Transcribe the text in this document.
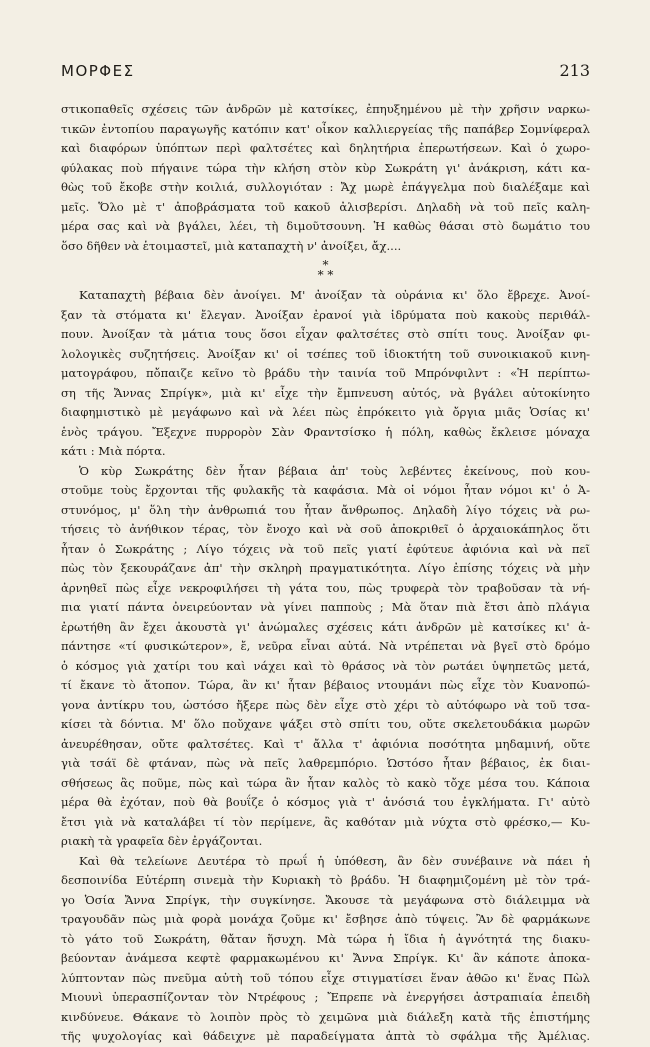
ΜΟΡΦΕΣ	213
στικοπαθεῖς σχέσεις τῶν ἀνδρῶν μὲ κατσίκες, ἐπηυξημένου μὲ τὴν χρῆσιν ναρκω-
τικῶν ἐντοπίου παραγωγῆς κατόπιν κατ' οἶκον καλλιεργείας τῆς παπάβερ Σομνίφεραλ
καὶ διαφόρων ὑπόπτων περὶ φαλτσέτες καὶ δηλητήρια ἐπερωτήσεων. Καὶ ὁ χωρο-
φύλακας ποὺ πήγαινε τώρα τὴν κλήση στὸν κὺρ Σωκράτη γι' ἀνάκριση, κάτι κα-
θὼς τοῦ ἔκοβε στὴν κοιλιά, συλλογιόταν : Ἄχ μωρὲ ἐπάγγελμα ποὺ διαλέξαμε καὶ
μεῖς. Ὅλο μὲ τ' ἀποβράσματα τοῦ κακοῦ ἀλισβερίσι. Δηλαδὴ νὰ τοῦ πεῖς καλη-
μέρα σας καὶ νὰ βγάλει, λέει, τὴ διμοῦτσουνη. Ἡ καθὼς θάσαι στὸ δωμάτιο του
ὅσο δῆθεν νὰ ἑτοιμαστεῖ, μιὰ καταπαχτὴ ν' ἀνοίξει, ἄχ....
*
* *
Καταπαχτὴ βέβαια δὲν ἀνοίγει. Μ' ἀνοίξαν τὰ οὐράνια κι' ὅλο ἔβρεχε. Ἀνοί-
ξαν τὰ στόματα κι' ἔλεγαν. Ἀνοίξαν ἐρανοί γιὰ ἱδρύματα ποὺ κακοὺς περιθάλ-
πουν. Ἀνοίξαν τὰ μάτια τους ὅσοι εἶχαν φαλτσέτες στὸ σπίτι τους. Ἀνοίξαν φι-
λολογικὲς συζητήσεις. Ἀνοίξαν κι' οἱ τσέπες τοῦ ἰδιοκτήτη τοῦ συνοικιακοῦ κινη-
ματογράφου, πὄπαιζε κεῖνο τὸ βράδυ τὴν ταινία τοῦ Μπρόνφιλντ : «Ἡ περίπτω-
ση τῆς Ἄννας Σπρίγκ», μιὰ κι' εἶχε τὴν ἔμπνευση αὐτός, νὰ βγάλει αὐτοκίνητο
διαφημιστικὸ μὲ μεγάφωνο καὶ νὰ λέει πὼς ἐπρόκειτο γιὰ ὄργια μιᾶς Ὁσίας κι'
ἑνὸς τράγου. Ἔξεχνε πυρρορὸν Σὰν Φραντσίσκο ἡ πόλη, καθὼς ἔκλεισε μόναχα
κάτι : Μιὰ πόρτα.
Ὁ κὺρ Σωκράτης δὲν ἦταν βέβαια ἀπ' τοὺς λεβέντες ἐκείνους, ποὺ κου-
στοῦμε τοὺς ἔρχονται τῆς φυλακῆς τὰ καφάσια. Μὰ οἱ νόμοι ἦταν νόμοι κι' ὁ Ἀ-
στυνόμος, μ' ὅλη τὴν ἀνθρωπιά του ἦταν ἄνθρωπος. Δηλαδὴ λίγο τόχεις νὰ ρω-
τήσεις τὸ ἀνήθικον τέρας, τὸν ἔνοχο καὶ νὰ σοῦ ἀποκριθεῖ ὁ ἀρχαιοκάπηλος ὅτι
ἦταν ὁ Σωκράτης ; Λίγο τόχεις νὰ τοῦ πεῖς γιατί ἐφύτευε ἀφιόνια καὶ νὰ πεῖ
πὼς τὸν ξεκουράζανε ἀπ' τὴν σκληρὴ πραγματικότητα. Λίγο ἐπίσης τόχεις νὰ μὴν
ἀρνηθεῖ πὼς εἶχε νεκροφιλήσει τὴ γάτα του, πὼς τρυφερὰ τὸν τραβοῦσαν τὰ νή-
πια γιατί πάντα ὀνειρεύονταν νὰ γίνει παπποὺς ; Μὰ ὅταν πιὰ ἔτσι ἀπὸ πλάγια
ἐρωτήθη ἂν ἔχει ἀκουστὰ γι' ἀνώμαλες σχέσεις κάτι ἀνδρῶν μὲ κατσίκες κι' ἀ-
πάντησε «τί φυσικώτερον», ἔ, νεῦρα εἶναι αὐτά. Νὰ ντρέπεται νὰ βγεῖ στὸ δρόμο
ὁ κόσμος γιὰ χατίρι του καὶ νάχει καὶ τὸ θράσος νὰ τὸν ρωτάει ὑψηπετῶς μετά,
τί ἔκανε τὸ ἄτοπον. Τώρα, ἂν κι' ἦταν βέβαιος ντουμάνι πὼς εἶχε τὸν Κυανοπώ-
γονα ἀντίκρυ του, ὡστόσο ἤξερε πὼς δὲν εἶχε στὸ χέρι τὸ αὐτόφωρο νὰ τοῦ τσα-
κίσει τὰ δόντια. Μ' ὅλο ποὔχανε ψάξει στὸ σπίτι του, οὔτε σκελετουδάκια μωρῶν
ἀνευρέθησαν, οὔτε φαλτσέτες. Καὶ τ' ἄλλα τ' ἀφιόνια ποσότητα μηδαμινή, οὔτε
γιὰ τσάϊ δὲ φτάναν, πὼς νὰ πεῖς λαθρεμπόριο. Ὡστόσο ἦταν βέβαιος, ἐκ διαι-
σθήσεως ἂς ποῦμε, πὼς καὶ τώρα ἂν ἦταν καλὸς τὸ κακὸ τὄχε μέσα του. Κάποια
μέρα θὰ ἐχόταν, ποὺ θὰ βουΐζε ὁ κόσμος γιὰ τ' ἀνόσιά του ἐγκλήματα. Γι' αὐτὸ
ἔτσι γιὰ νὰ καταλάβει τί τὸν περίμενε, ἂς καθόταν μιὰ νύχτα στὸ φρέσκο,— Κυ-
ριακὴ τὰ γραφεῖα δὲν ἐργάζονται.
Καὶ θὰ τελείωνε Δευτέρα τὸ πρωΐ ἡ ὑπόθεση, ἂν δὲν συνέβαινε νὰ πάει ἡ
δεσποινίδα Εὐτέρπη σινεμὰ τὴν Κυριακὴ τὸ βράδυ. Ἡ διαφημιζομένη μὲ τὸν τρά-
γο Ὁσία Ἄννα Σπρίγκ, τὴν συγκίνησε. Ἄκουσε τὰ μεγάφωνα στὸ διάλειμμα νὰ
τραγουδᾶν πὼς μιὰ φορὰ μονάχα ζοῦμε κι' ἔσβησε ἀπὸ τύψεις. Ἂν δὲ φαρμάκωνε
τὸ γάτο τοῦ Σωκράτη, θἄταν ἥσυχη. Μὰ τώρα ἡ ἴδια ἡ ἀγνότητά της διακυ-
βεύονταν ἀνάμεσα κεφτὲ φαρμακωμένου κι' Ἄννα Σπρίγκ. Κι' ἂν κάποτε ἀποκα-
λύπτονταν πὼς πνεῦμα αὐτὴ τοῦ τόπου εἶχε στιγματίσει ἕναν ἀθῶο κι' ἕνας Πὼλ
Μιουνὶ ὑπερασπίζονταν τὸν Ντρέφους ; Ἔπρεπε νὰ ἐνεργήσει ἀστραπιαία ἐπειδὴ
κινδύνευε. Θάκανε τὸ λοιπὸν πρὸς τὸ χειμῶνα μιὰ διάλεξη κατὰ τῆς ἐπιστήμης
τῆς ψυχολογίας καὶ θάδειχνε μὲ παραδείγματα ἁπτὰ τὸ σφάλμα τῆς Ἀμέλιας.
